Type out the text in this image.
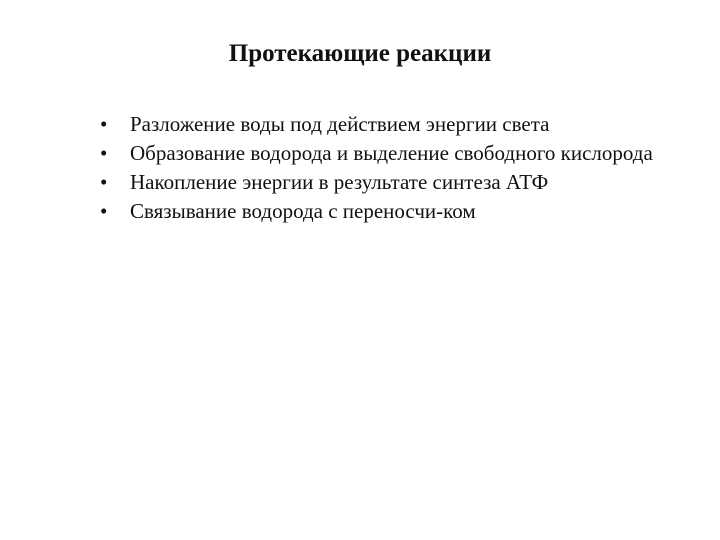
Протекающие реакции
•	Разложение воды под действием энергии света
•	Образование водорода и выделение свободного кислорода
•	Накопление энергии в результате синтеза АТФ
•	Связывание водорода с переносчи-ком
